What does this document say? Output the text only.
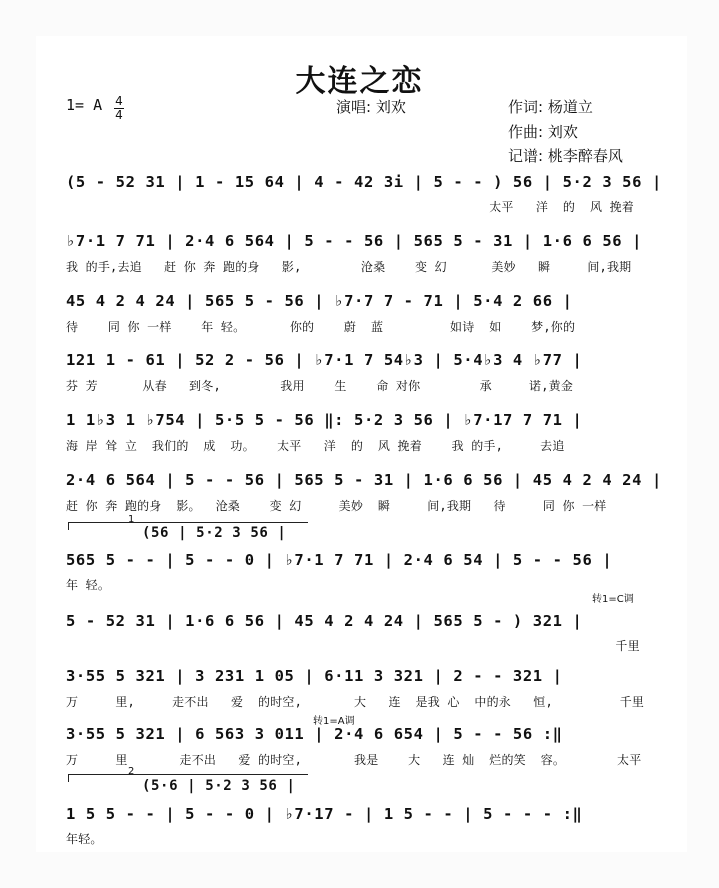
大连之恋
1= A 4
4	演唱: 刘欢	作词: 杨道立
作曲: 刘欢
记谱: 桃李醉春风
(5 - 52 31 | 1 - 15 64 | 4 - 42 3i | 5 - - ) 56 | 5·2 3 56 |
太平   洋  的  风 挽着
♭7·1 7 71 | 2·4 6 564 | 5 - - 56 | 565 5 - 31 | 1·6 6 56 |
我 的手,去追   赶 你 奔 跑的身   影,        沧桑    变 幻      美妙   瞬     间,我期
45 4 2 4 24 | 565 5 - 56 | ♭7·7 7 - 71 | 5·4 2 66 |
待    同 你 一样    年 轻。      你的    蔚  蓝         如诗  如    梦,你的
121 1 - 61 | 52 2 - 56 | ♭7·1 7 54♭3 | 5·4♭3 4 ♭77 |
芬 芳      从春   到冬,        我用    生    命 对你        承     诺,黄金
1 1♭3 1 ♭754 | 5·5 5 - 56 ‖: 5·2 3 56 | ♭7·17 7 71 |
海 岸 耸 立  我们的  成  功。   太平   洋  的  风 挽着    我 的手,     去追
2·4 6 564 | 5 - - 56 | 565 5 - 31 | 1·6 6 56 | 45 4 2 4 24 |
赶 你 奔 跑的身  影。  沧桑    变 幻     美妙  瞬     间,我期   待     同 你 一样
1
(56 | 5·2 3 56 |
565 5 - - | 5 - - 0 | ♭7·1 7 71 | 2·4 6 54 | 5 - - 56 |
年 轻。
转1=C调
5 - 52 31 | 1·6 6 56 | 45 4 2 4 24 | 565 5 - ) 321 |
千里
3·55 5 321 | 3 231 1 05 | 6·11 3 321 | 2 - - 321 |
万     里,     走不出   爱  的时空,       大   连  是我 心  中的永   恒,         千里
转1=A调
3·55 5 321 | 6 563 3 011 | 2·4 6 654 | 5 - - 56 :‖
万     里       走不出   爱 的时空,       我是    大   连 灿  烂的笑  容。       太平
2
(5·6 | 5·2 3 56 |
1 5 5 - - | 5 - - 0 | ♭7·17 - | 1 5 - - | 5 - - - :‖
年轻。
